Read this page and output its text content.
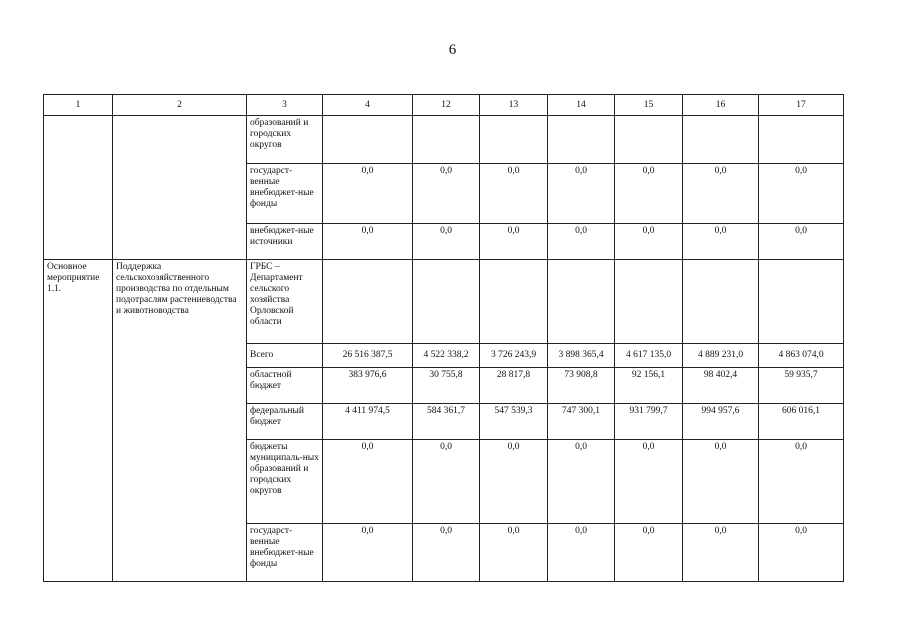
6
1	2	3	4	12	13	14	15	16	17
		образований и городских округов							
		государст-венные внебюджет-ные фонды	0,0	0,0	0,0	0,0	0,0	0,0	0,0
		внебюджет-ные источники	0,0	0,0	0,0	0,0	0,0	0,0	0,0
Основное мероприятие 1.1.	Поддержка сельскохозяйственного производства по отдельным подотраслям растениеводства и животноводства	ГРБС – Департамент сельского хозяйства Орловской области							
		Всего	26 516 387,5	4 522 338,2	3 726 243,9	3 898 365,4	4 617 135,0	4 889 231,0	4 863 074,0
		областной бюджет	383 976,6	30 755,8	28 817,8	73 908,8	92 156,1	98 402,4	59 935,7
		федеральный бюджет	4 411 974,5	584 361,7	547 539,3	747 300,1	931 799,7	994 957,6	606 016,1
		бюджеты муниципаль-ных образований и городских округов	0,0	0,0	0,0	0,0	0,0	0,0	0,0
		государст-венные внебюджет-ные фонды	0,0	0,0	0,0	0,0	0,0	0,0	0,0
